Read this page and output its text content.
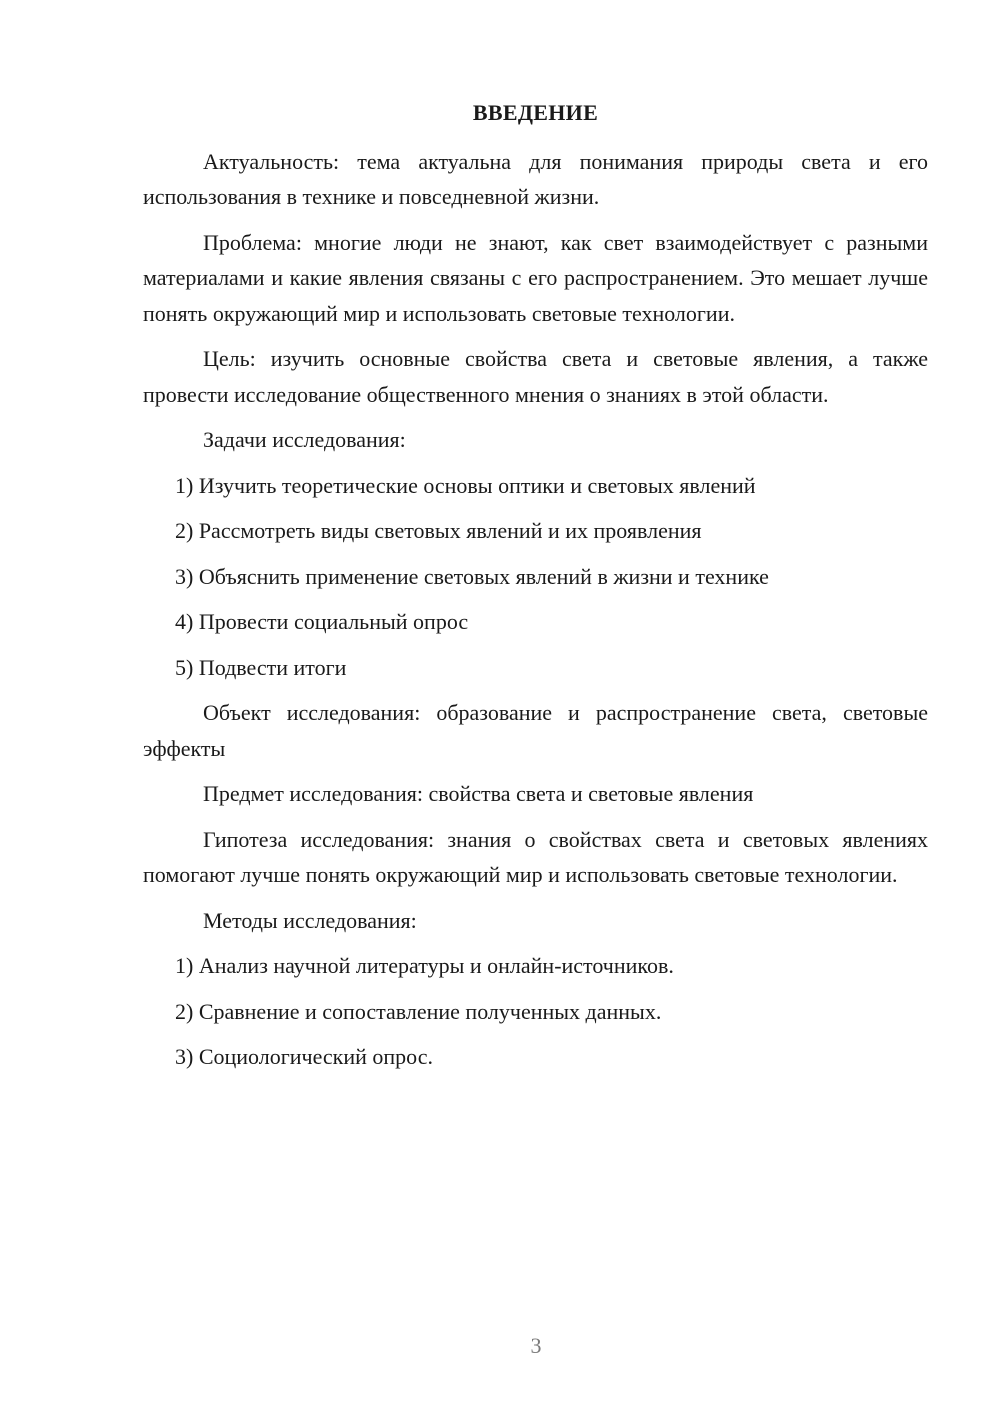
ВВЕДЕНИЕ

Актуальность: тема актуальна для понимания природы света и его использования в технике и повседневной жизни.

Проблема: многие люди не знают, как свет взаимодействует с разными материалами и какие явления связаны с его распространением. Это мешает лучше понять окружающий мир и использовать световые технологии.

Цель: изучить основные свойства света и световые явления, а также провести исследование общественного мнения о знаниях в этой области.

Задачи исследования:
1) Изучить теоретические основы оптики и световых явлений
2) Рассмотреть виды световых явлений и их проявления
3) Объяснить применение световых явлений в жизни и технике
4) Провести социальный опрос
5) Подвести итоги

Объект исследования: образование и распространение света, световые эффекты

Предмет исследования: свойства света и световые явления

Гипотеза исследования: знания о свойствах света и световых явлениях помогают лучше понять окружающий мир и использовать световые технологии.

Методы исследования:
1) Анализ научной литературы и онлайн-источников.
2) Сравнение и сопоставление полученных данных.
3) Социологический опрос.
3
